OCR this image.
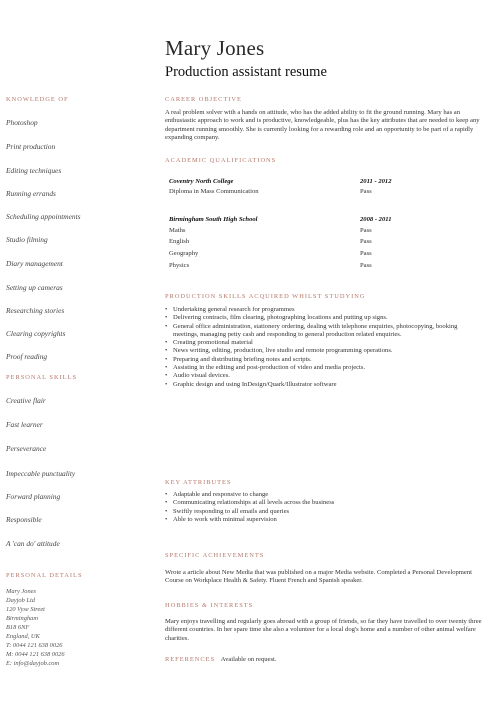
Mary Jones
Production assistant resume
KNOWLEDGE OF
Photoshop
Print production
Editing techniques
Running errands
Scheduling appointments
Studio filming
Diary management
Setting up cameras
Researching stories
Clearing copyrights
Proof reading
PERSONAL SKILLS
Creative flair
Fast learner
Perseverance
Impeccable punctuality
Forward planning
Responsible
A 'can do' attitude
PERSONAL DETAILS
Mary Jones
Dayjob Ltd
120 Vyse Street
Birmingham
B18 6NF
England, UK
T: 0044 121 638 0026
M: 0044 121 638 0026
E: info@dayjob.com
CAREER OBJECTIVE
A real problem solver with a hands on attitude, who has the added ability to fit the ground running. Mary has an enthusiastic approach to work and is productive, knowledgeable, plus has the key attributes that are needed to keep any department running smoothly. She is currently looking for a rewarding role and an opportunity to be part of a rapidly expanding company.
ACADEMIC QUALIFICATIONS
Coventry North College	2011 - 2012
Diploma in Mass Communication	Pass
Birmingham South High School	2008 - 2011
Maths	Pass
English	Pass
Geography	Pass
Physics	Pass
PRODUCTION SKILLS ACQUIRED WHILST STUDYING
• Undertaking general research for programmes
• Delivering contracts, film clearing, photographing locations and putting up signs.
• General office administration, stationery ordering, dealing with telephone enquiries, photocopying, booking meetings, managing petty cash and responding to general production related enquiries.
• Creating promotional material
• News writing, editing, production, live studio and remote programming operations.
• Preparing and distributing briefing notes and scripts.
• Assisting in the editing and post-production of video and media projects.
• Audio visual devices.
• Graphic design and using InDesign/Quark/Illustrator software
KEY ATTRIBUTES
• Adaptable and responsive to change
• Communicating relationships at all levels across the business
• Swiftly responding to all emails and queries
• Able to work with minimal supervision
SPECIFIC ACHIEVEMENTS
Wrote a article about New Media that was published on a major Media website. Completed a Personal Development Course on Workplace Health & Safety. Fluent French and Spanish speaker.
HOBBIES & INTERESTS
Mary enjoys travelling and regularly goes abroad with a group of friends, so far they have travelled to over twenty three different countries. In her spare time she also a volunteer for a local dog's home and a number of other animal welfare charities.
REFERENCES Available on request.
